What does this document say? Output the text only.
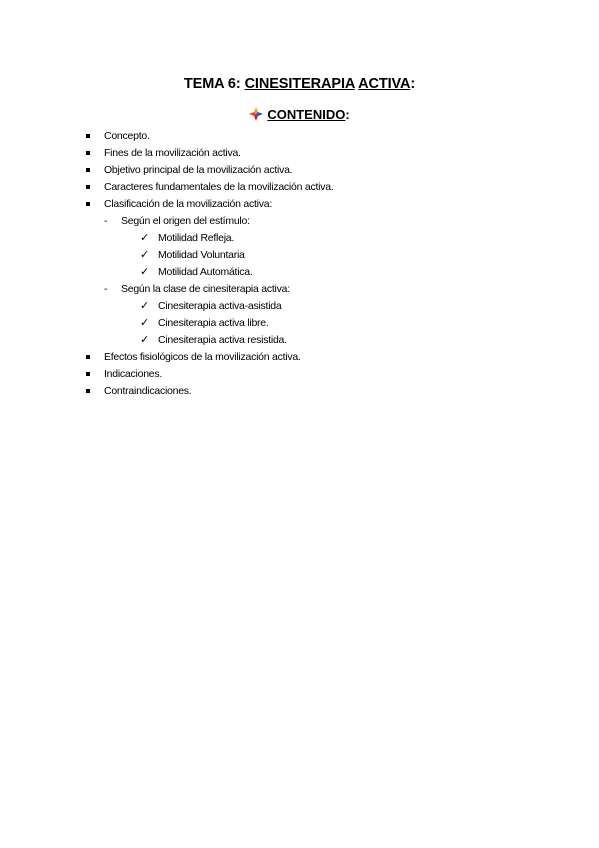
TEMA 6: CINESITERAPIA ACTIVA:
CONTENIDO:
Concepto.
Fines de la movilización activa.
Objetivo principal de la movilización activa.
Caracteres fundamentales de la movilización activa.
Clasificación de la movilización activa:
- Según el origen del estímulo:
✓ Motilidad Refleja.
✓ Motilidad Voluntaria
✓ Motilidad Automática.
- Según la clase de cinesiterapia activa:
✓ Cinesiterapia activa-asistida
✓ Cinesiterapia activa libre.
✓ Cinesiterapia activa resistida.
Efectos fisiológicos de la movilización activa.
Indicaciones.
Contraindicaciones.
